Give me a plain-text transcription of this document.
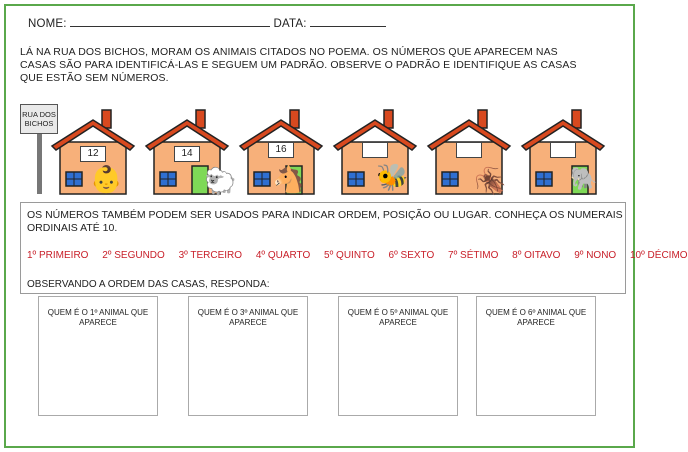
NOME:	DATA:
LÁ NA RUA DOS BICHOS, MORAM OS ANIMAIS CITADOS NO POEMA. OS NÚMEROS QUE APARECEM NAS CASAS SÃO PARA IDENTIFICÁ-LAS E SEGUEM UM PADRÃO. OBSERVE O PADRÃO E IDENTIFIQUE AS CASAS QUE ESTÃO SEM NÚMEROS.
RUA DOS BICHOS
12
👶
14
🐑
16
🐴	🐝	🪳	🐘
OS NÚMEROS TAMBÉM PODEM SER USADOS PARA INDICAR ORDEM, POSIÇÃO OU LUGAR. CONHEÇA OS NUMERAIS ORDINAIS ATÉ 10.
1º PRIMEIRO 2º SEGUNDO 3º TERCEIRO 4º QUARTO 5º QUINTO 6º SEXTO 7º SÉTIMO 8º OITAVO 9º NONO 10º DÉCIMO
OBSERVANDO A ORDEM DAS CASAS, RESPONDA:
QUEM É O 1º ANIMAL QUE APARECE
QUEM É O 3º ANIMAL QUE APARECE
QUEM É O 5º ANIMAL QUE APARECE
QUEM É O 6º ANIMAL QUE APARECE
